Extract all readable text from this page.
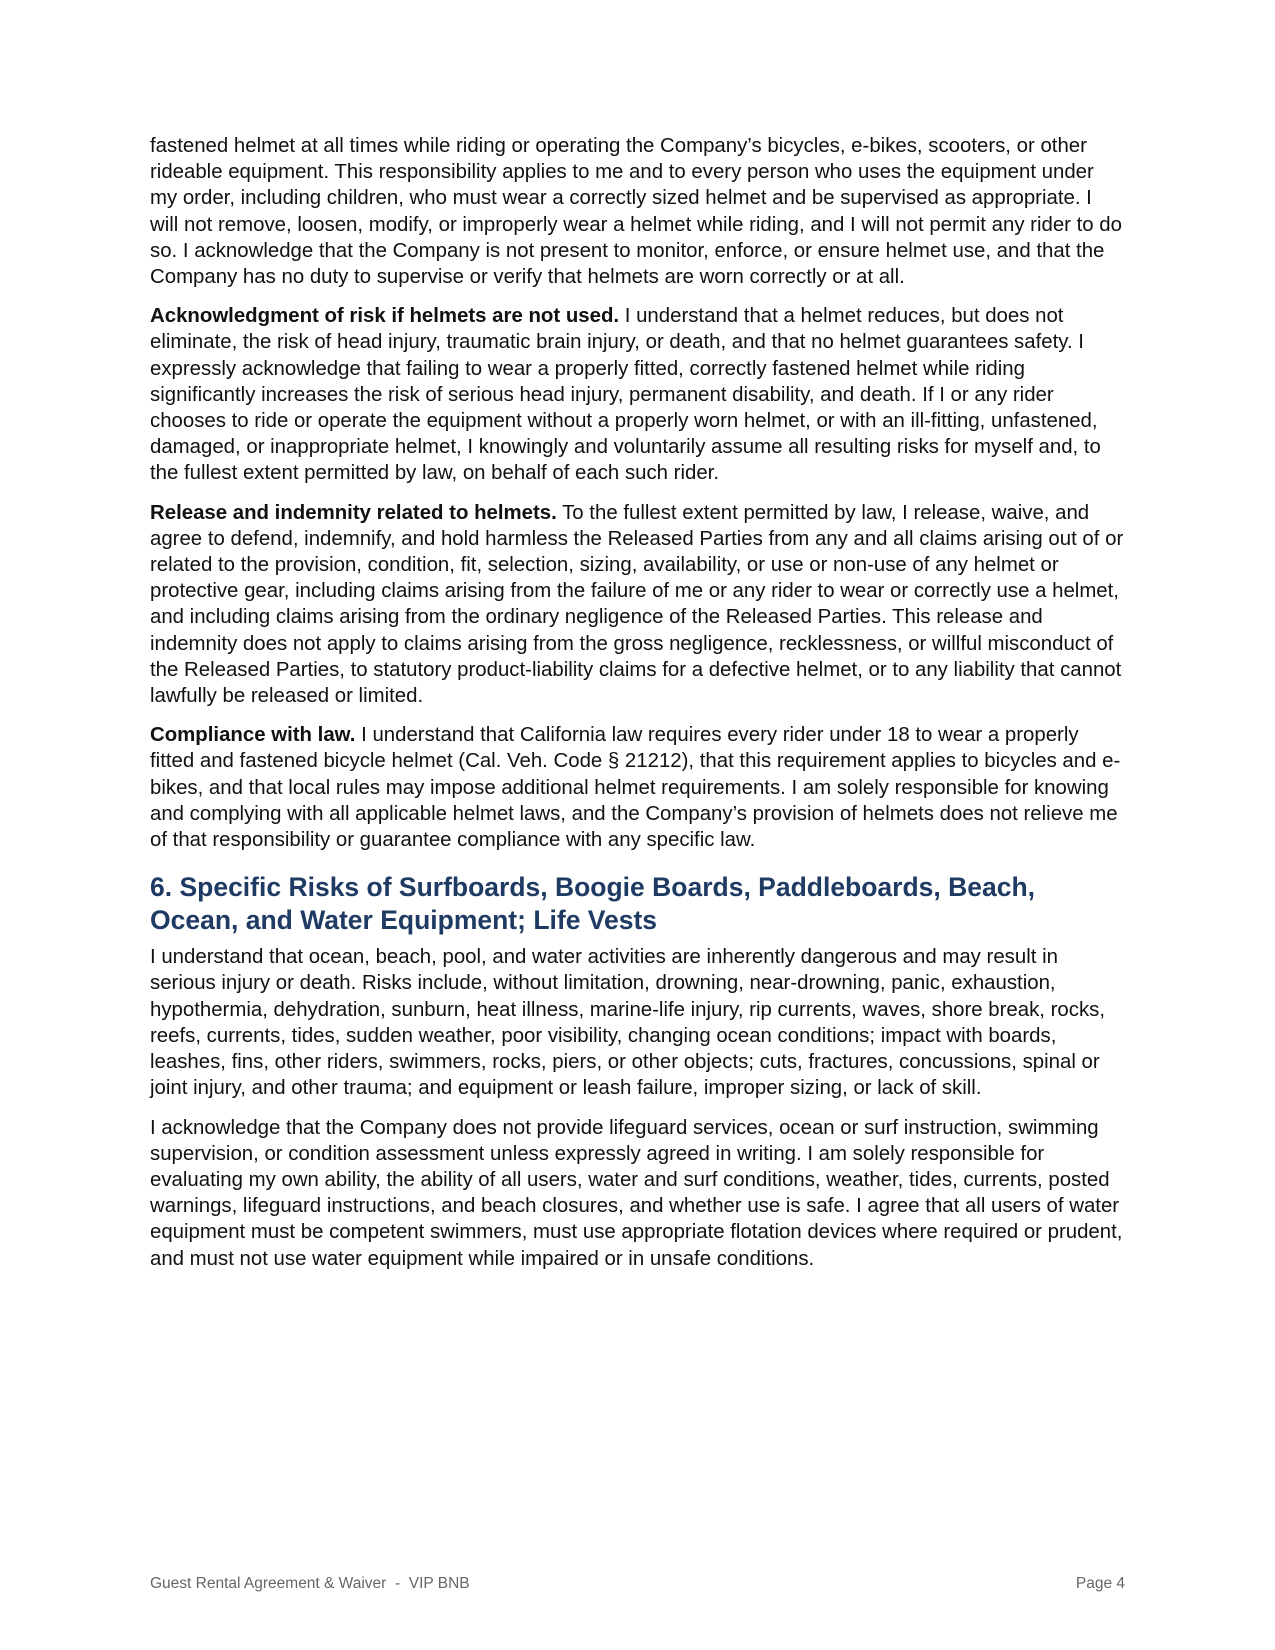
fastened helmet at all times while riding or operating the Company’s bicycles, e-bikes, scooters, or other rideable equipment. This responsibility applies to me and to every person who uses the equipment under my order, including children, who must wear a correctly sized helmet and be supervised as appropriate. I will not remove, loosen, modify, or improperly wear a helmet while riding, and I will not permit any rider to do so. I acknowledge that the Company is not present to monitor, enforce, or ensure helmet use, and that the Company has no duty to supervise or verify that helmets are worn correctly or at all.

Acknowledgment of risk if helmets are not used. I understand that a helmet reduces, but does not eliminate, the risk of head injury, traumatic brain injury, or death, and that no helmet guarantees safety. I expressly acknowledge that failing to wear a properly fitted, correctly fastened helmet while riding significantly increases the risk of serious head injury, permanent disability, and death. If I or any rider chooses to ride or operate the equipment without a properly worn helmet, or with an ill-fitting, unfastened, damaged, or inappropriate helmet, I knowingly and voluntarily assume all resulting risks for myself and, to the fullest extent permitted by law, on behalf of each such rider.

Release and indemnity related to helmets. To the fullest extent permitted by law, I release, waive, and agree to defend, indemnify, and hold harmless the Released Parties from any and all claims arising out of or related to the provision, condition, fit, selection, sizing, availability, or use or non-use of any helmet or protective gear, including claims arising from the failure of me or any rider to wear or correctly use a helmet, and including claims arising from the ordinary negligence of the Released Parties. This release and indemnity does not apply to claims arising from the gross negligence, recklessness, or willful misconduct of the Released Parties, to statutory product-liability claims for a defective helmet, or to any liability that cannot lawfully be released or limited.

Compliance with law. I understand that California law requires every rider under 18 to wear a properly fitted and fastened bicycle helmet (Cal. Veh. Code § 21212), that this requirement applies to bicycles and e-bikes, and that local rules may impose additional helmet requirements. I am solely responsible for knowing and complying with all applicable helmet laws, and the Company’s provision of helmets does not relieve me of that responsibility or guarantee compliance with any specific law.

6. Specific Risks of Surfboards, Boogie Boards, Paddleboards, Beach, Ocean, and Water Equipment; Life Vests

I understand that ocean, beach, pool, and water activities are inherently dangerous and may result in serious injury or death. Risks include, without limitation, drowning, near-drowning, panic, exhaustion, hypothermia, dehydration, sunburn, heat illness, marine-life injury, rip currents, waves, shore break, rocks, reefs, currents, tides, sudden weather, poor visibility, changing ocean conditions; impact with boards, leashes, fins, other riders, swimmers, rocks, piers, or other objects; cuts, fractures, concussions, spinal or joint injury, and other trauma; and equipment or leash failure, improper sizing, or lack of skill.

I acknowledge that the Company does not provide lifeguard services, ocean or surf instruction, swimming supervision, or condition assessment unless expressly agreed in writing. I am solely responsible for evaluating my own ability, the ability of all users, water and surf conditions, weather, tides, currents, posted warnings, lifeguard instructions, and beach closures, and whether use is safe. I agree that all users of water equipment must be competent swimmers, must use appropriate flotation devices where required or prudent, and must not use water equipment while impaired or in unsafe conditions.

Guest Rental Agreement & Waiver  -  VIP BNB	Page 4
